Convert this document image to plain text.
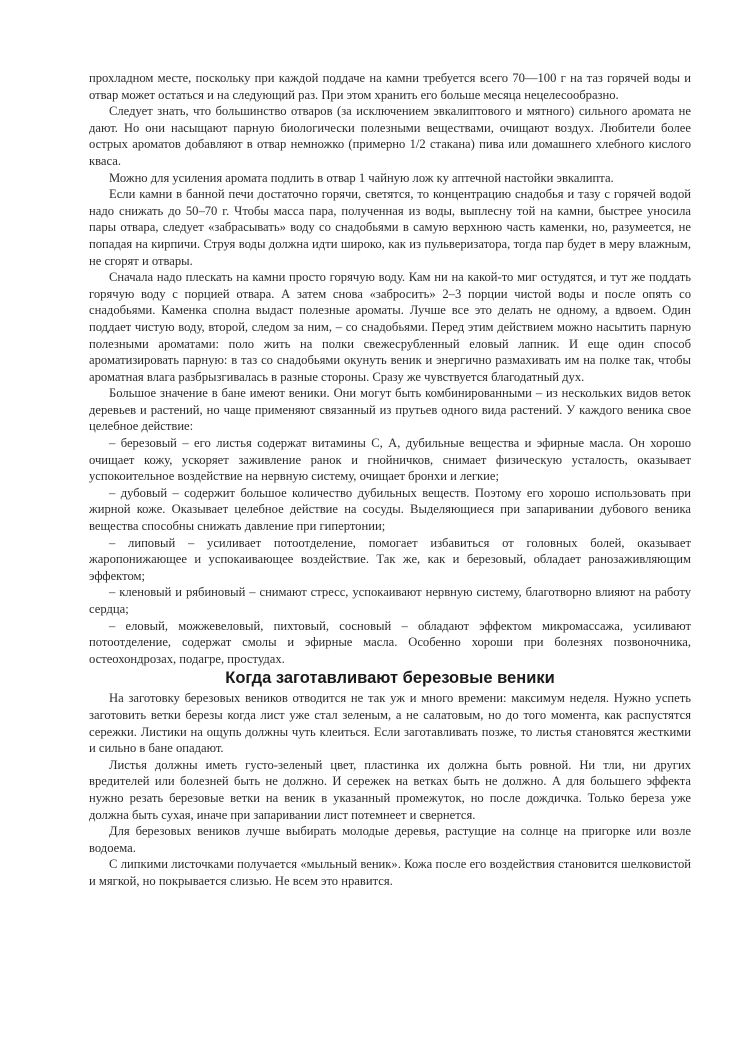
прохладном месте, поскольку при каждой поддаче на камни требуется всего 70—100 г на таз горячей воды и отвар может остаться и на следующий раз. При этом хранить его больше месяца нецелесообразно.

Следует знать, что большинство отваров (за исключением эвкалиптового и мятного) сильного аромата не дают. Но они насыщают парную биологически полезными веществами, очищают воздух. Любители более острых ароматов добавляют в отвар немножко (примерно 1/2 стакана) пива или домашнего хлебного кислого кваса.

Можно для усиления аромата подлить в отвар 1 чайную лож ку аптечной настойки эвкалипта.

Если камни в банной печи достаточно горячи, светятся, то концентрацию снадобья и тазу с горячей водой надо снижать до 50–70 г. Чтобы масса пара, полученная из воды, выплесну той на камни, быстрее уносила пары отвара, следует «забрасывать» воду со снадобьями в самую верхнюю часть каменки, но, разумеется, не попадая на кирпичи. Струя воды должна идти широко, как из пульверизатора, тогда пар будет в меру влажным, не сгорят и отвары.

Сначала надо плескать на камни просто горячую воду. Кам ни на какой-то миг остудятся, и тут же поддать горячую воду с порцией отвара. А затем снова «забросить» 2–3 порции чистой воды и после опять со снадобьями. Каменка сполна выдаст полезные ароматы. Лучше все это делать не одному, а вдвоем. Один поддает чистую воду, второй, следом за ним, – со снадобьями. Перед этим действием можно насытить парную полезными ароматами: поло жить на полки свежесрубленный еловый лапник. И еще один способ ароматизировать парную: в таз со снадобьями окунуть веник и энергично размахивать им на полке так, чтобы ароматная влага разбрызгивалась в разные стороны. Сразу же чувствуется благодатный дух.

Большое значение в бане имеют веники. Они могут быть комбинированными – из нескольких видов веток деревьев и растений, но чаще применяют связанный из прутьев одного вида растений. У каждого веника свое целебное действие:

– березовый – его листья содержат витамины С, А, дубильные вещества и эфирные масла. Он хорошо очищает кожу, ускоряет заживление ранок и гнойничков, снимает физическую усталость, оказывает успокоительное воздействие на нервную систему, очищает бронхи и легкие;

– дубовый – содержит большое количество дубильных веществ. Поэтому его хорошо использовать при жирной коже. Оказывает целебное действие на сосуды. Выделяющиеся при запаривании дубового веника вещества способны снижать давление при гипертонии;

– липовый – усиливает потоотделение, помогает избавиться от головных болей, оказывает жаропонижающее и успокаивающее воздействие. Так же, как и березовый, обладает ранозаживляющим эффектом;

– кленовый и рябиновый – снимают стресс, успокаивают нервную систему, благотворно влияют на работу сердца;

– еловый, можжевеловый, пихтовый, сосновый – обладают эффектом микромассажа, усиливают потоотделение, содержат смолы и эфирные масла. Особенно хороши при болезнях позвоночника, остеохондрозах, подагре, простудах.

Когда заготавливают березовые веники

На заготовку березовых веников отводится не так уж и много времени: максимум неделя. Нужно успеть заготовить ветки березы когда лист уже стал зеленым, а не салатовым, но до того момента, как распустятся сережки. Листики на ощупь должны чуть клеиться. Если заготавливать позже, то листья становятся жесткими и сильно в бане опадают.

Листья должны иметь густо-зеленый цвет, пластинка их должна быть ровной. Ни тли, ни других вредителей или болезней быть не должно. И сережек на ветках быть не должно. А для большего эффекта нужно резать березовые ветки на веник в указанный промежуток, но после дождичка. Только береза уже должна быть сухая, иначе при запаривании лист потемнеет и свернется.

Для березовых веников лучше выбирать молодые деревья, растущие на солнце на пригорке или возле водоема.

С липкими листочками получается «мыльный веник». Кожа после его воздействия становится шелковистой и мягкой, но покрывается слизью. Не всем это нравится.
